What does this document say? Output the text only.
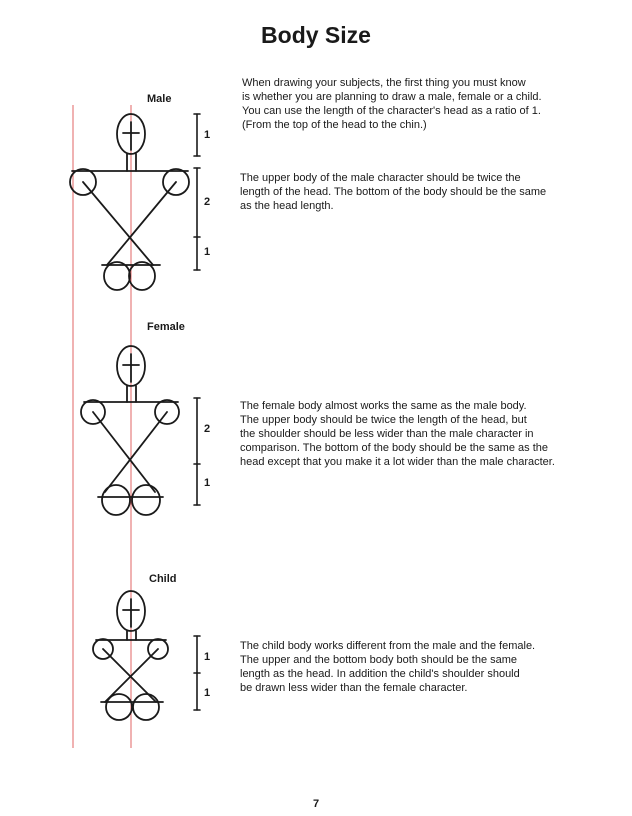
Body Size
Male
Female
Child
When drawing your subjects, the first thing you must know
is whether you are planning to draw a male, female or a child.
You can use the length of the character's head as a ratio of 1.
(From the top of the head to the chin.)
The upper body of the male character should be twice the
length of the head. The bottom of the body should be the same
as the head length.
The female body almost works the same as the male body.
The upper body should be twice the length of the head, but
the shoulder should be less wider than the male character in
comparison. The bottom of the body should be the same as the
head except that you make it a lot wider than the male character.
The child body works different from the male and the female.
The upper and the bottom body both should be the same
length as the head. In addition the child's shoulder should
be drawn less wider than the female character.
1
2
1
2
1
1
1
7
